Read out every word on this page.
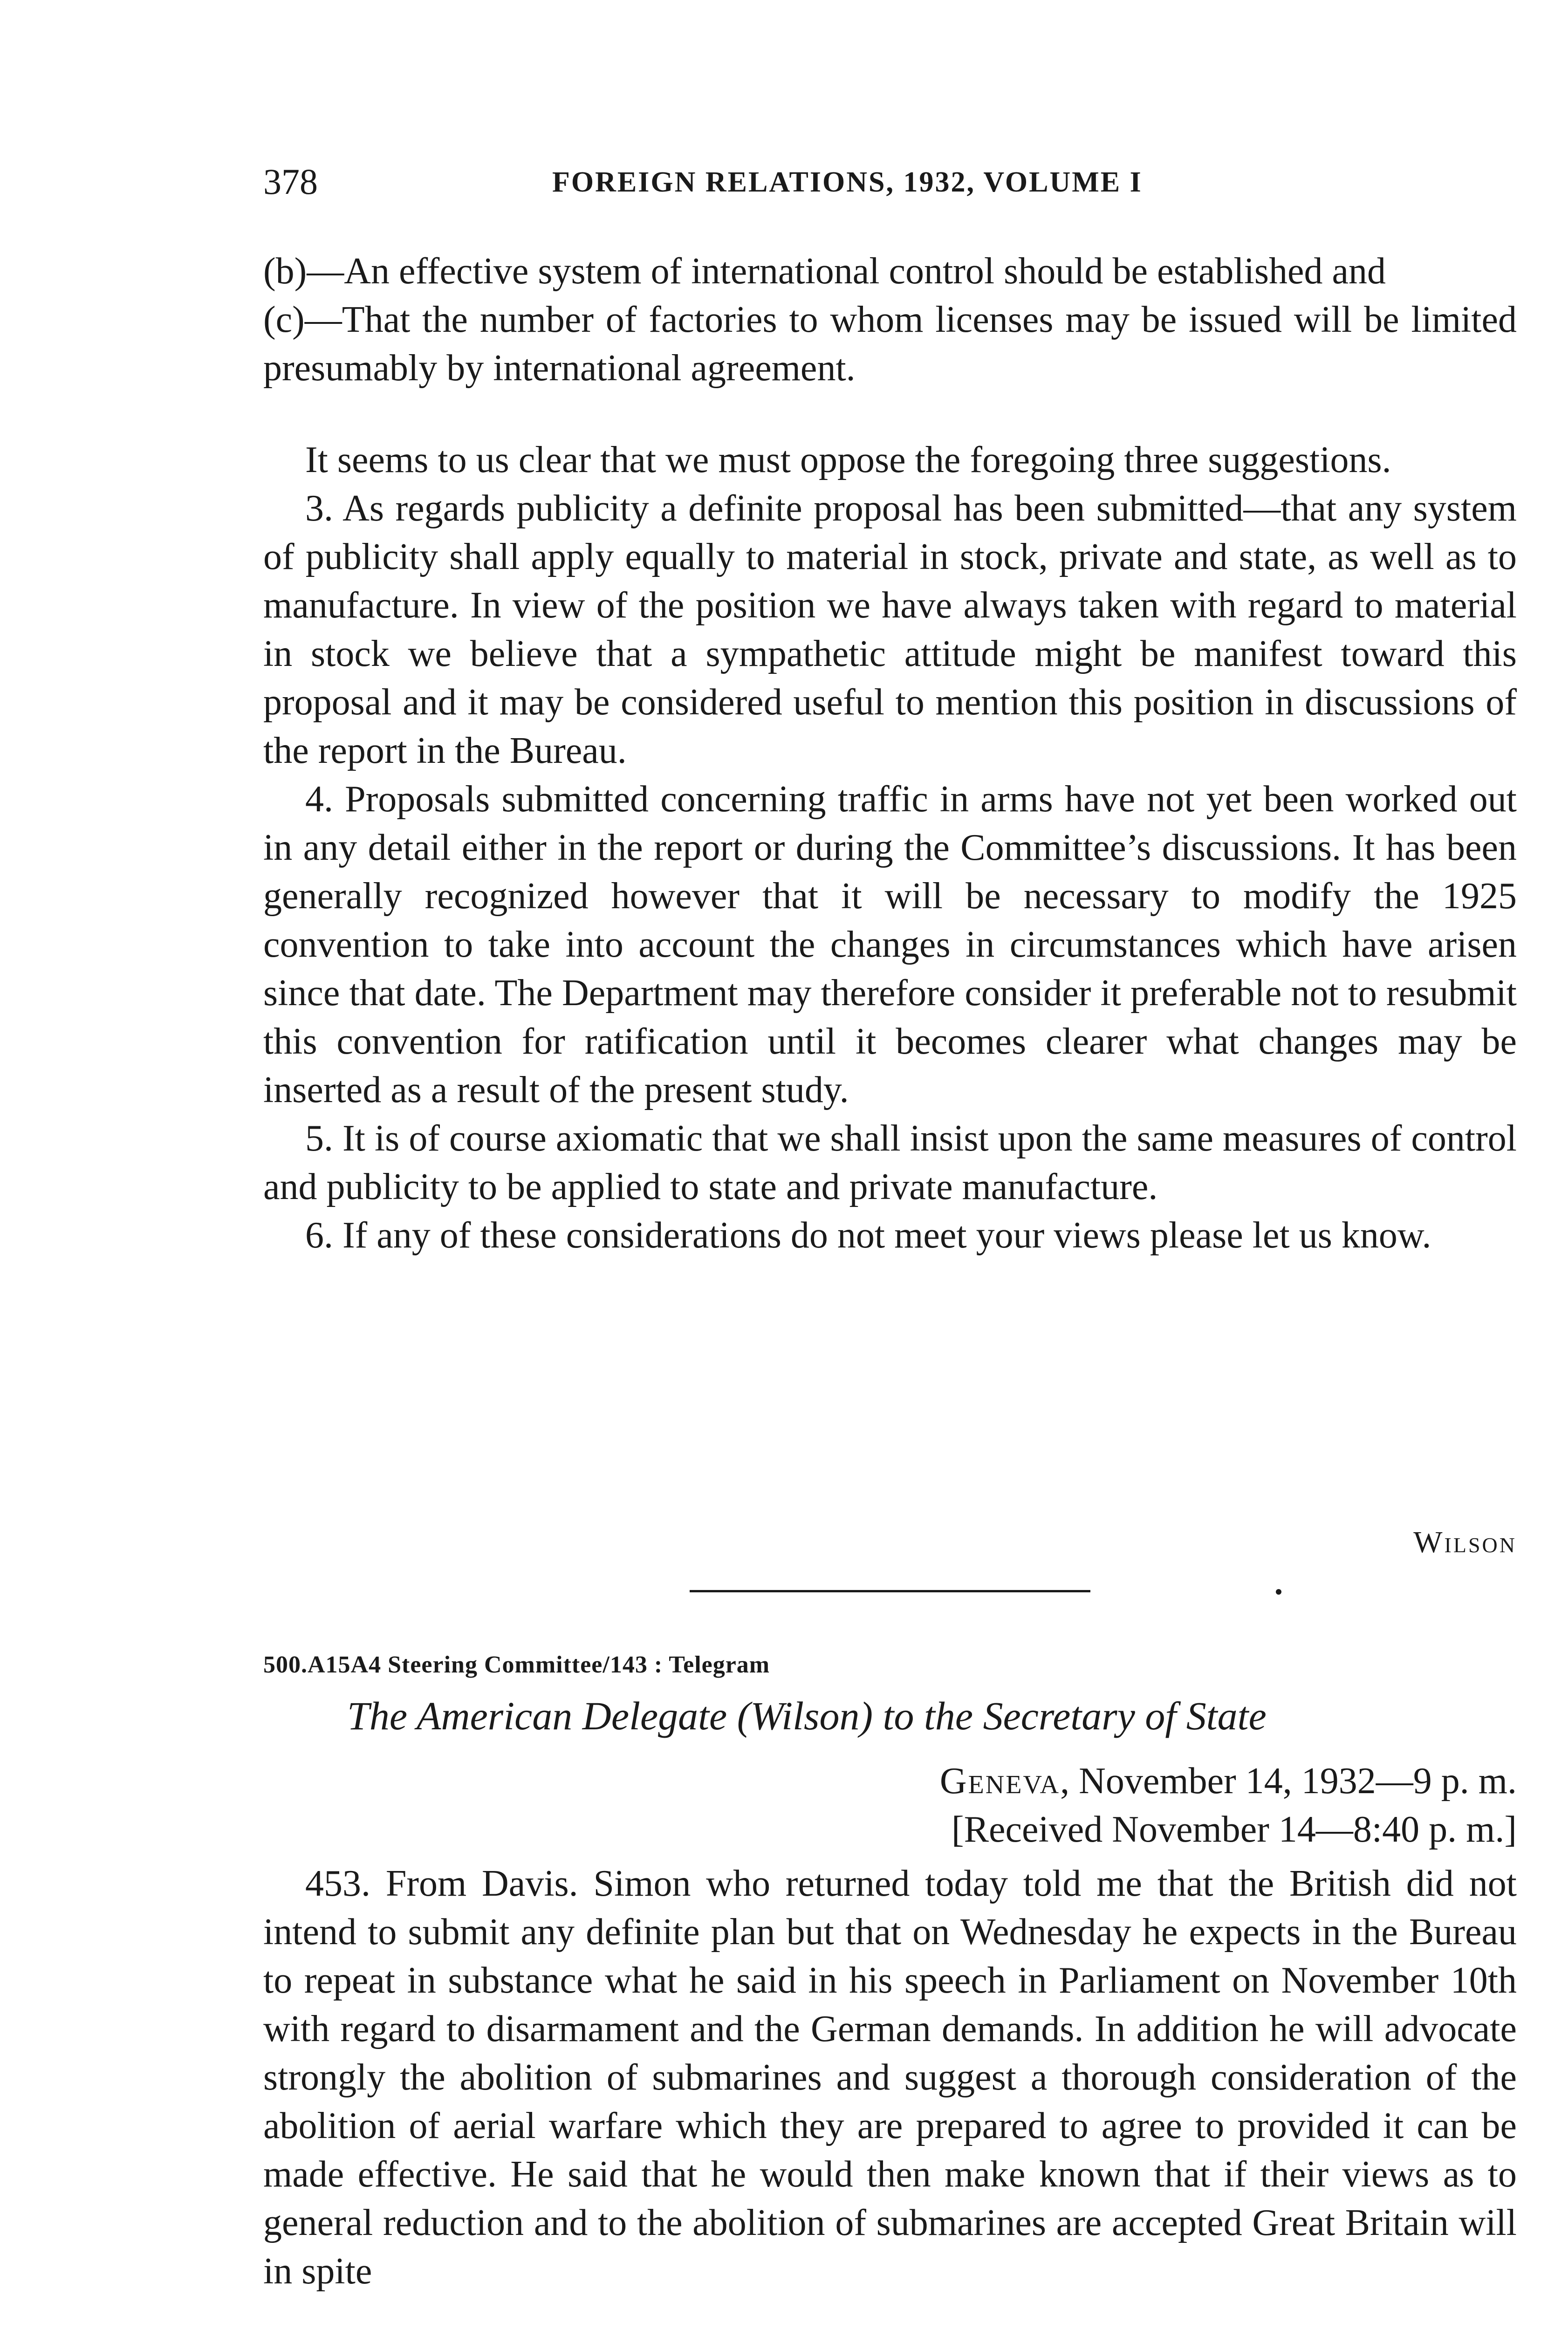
378	FOREIGN RELATIONS, 1932, VOLUME I

(b)—An effective system of international control should be established and

(c)—That the number of factories to whom licenses may be issued will be limited presumably by international agreement.

It seems to us clear that we must oppose the foregoing three suggestions.

3. As regards publicity a definite proposal has been submitted—that any system of publicity shall apply equally to material in stock, private and state, as well as to manufacture. In view of the position we have always taken with regard to material in stock we believe that a sympathetic attitude might be manifest toward this proposal and it may be considered useful to mention this position in discussions of the report in the Bureau.

4. Proposals submitted concerning traffic in arms have not yet been worked out in any detail either in the report or during the Committee’s discussions. It has been generally recognized however that it will be necessary to modify the 1925 convention to take into account the changes in circumstances which have arisen since that date. The Department may therefore consider it preferable not to resubmit this convention for ratification until it becomes clearer what changes may be inserted as a result of the present study.

5. It is of course axiomatic that we shall insist upon the same measures of control and publicity to be applied to state and private manufacture.

6. If any of these considerations do not meet your views please let us know.

Wilson
500.A15A4 Steering Committee/143 : Telegram
The American Delegate (Wilson) to the Secretary of State
Geneva, November 14, 1932—9 p. m.
[Received November 14—8:40 p. m.]

453. From Davis. Simon who returned today told me that the British did not intend to submit any definite plan but that on Wednesday he expects in the Bureau to repeat in substance what he said in his speech in Parliament on November 10th with regard to disarmament and the German demands. In addition he will advocate strongly the abolition of submarines and suggest a thorough consideration of the abolition of aerial warfare which they are prepared to agree to provided it can be made effective. He said that he would then make known that if their views as to general reduction and to the abolition of submarines are accepted Great Britain will in spite
